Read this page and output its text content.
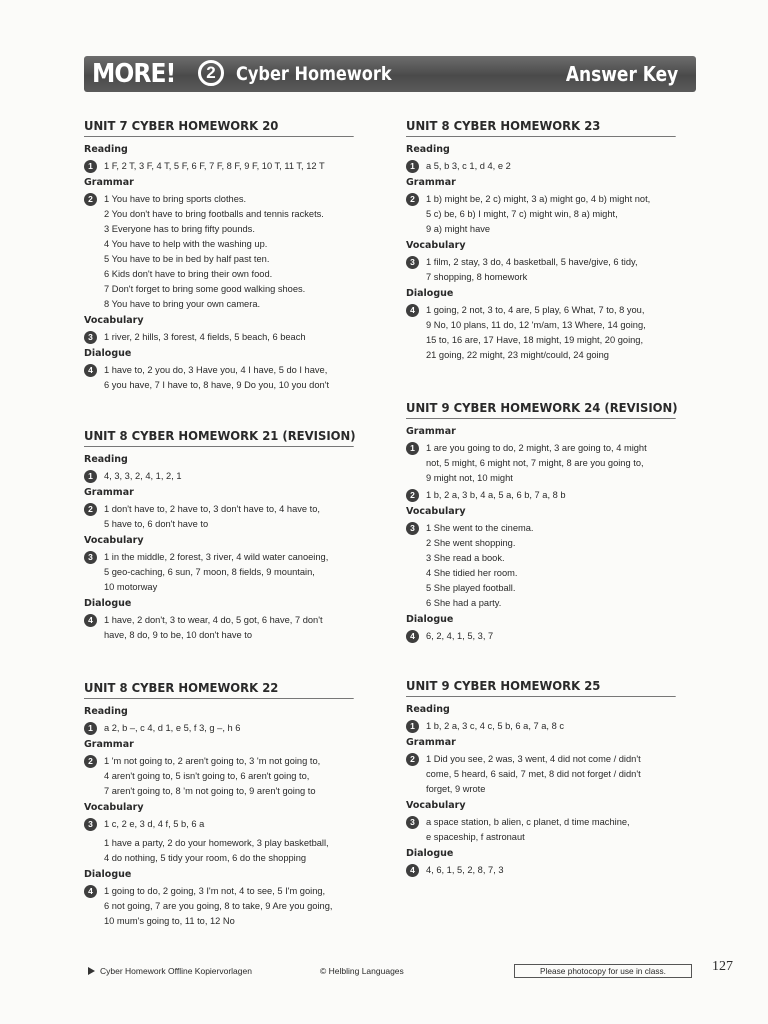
MORE!	2	Cyber Homework	Answer Key
UNIT 7 CYBER HOMEWORK 20
Reading
1	1 F, 2 T, 3 F, 4 T, 5 F, 6 F, 7 F, 8 F, 9 F, 10 T, 11 T, 12 T
Grammar
2	1 You have to bring sports clothes.
2 You don't have to bring footballs and tennis rackets.
3 Everyone has to bring fifty pounds.
4 You have to help with the washing up.
5 You have to be in bed by half past ten.
6 Kids don't have to bring their own food.
7 Don't forget to bring some good walking shoes.
8 You have to bring your own camera.
Vocabulary
3	1 river, 2 hills, 3 forest, 4 fields, 5 beach, 6 beach
Dialogue
4	1 have to, 2 you do, 3 Have you, 4 I have, 5 do I have,
6 you have, 7 I have to, 8 have, 9 Do you, 10 you don't
UNIT 8 CYBER HOMEWORK 21 (REVISION)
Reading
1	4, 3, 3, 2, 4, 1, 2, 1
Grammar
2	1 don't have to, 2 have to, 3 don't have to, 4 have to,
5 have to, 6 don't have to
Vocabulary
3	1 in the middle, 2 forest, 3 river, 4 wild water canoeing,
5 geo-caching, 6 sun, 7 moon, 8 fields, 9 mountain,
10 motorway
Dialogue
4	1 have, 2 don't, 3 to wear, 4 do, 5 got, 6 have, 7 don't
have, 8 do, 9 to be, 10 don't have to
UNIT 8 CYBER HOMEWORK 22
Reading
1	a 2, b –, c 4, d 1, e 5, f 3, g –, h 6
Grammar
2	1 'm not going to, 2 aren't going to, 3 'm not going to,
4 aren't going to, 5 isn't going to, 6 aren't going to,
7 aren't going to, 8 'm not going to, 9 aren't going to
Vocabulary
3	1 c, 2 e, 3 d, 4 f, 5 b, 6 a
1 have a party, 2 do your homework, 3 play basketball,
4 do nothing, 5 tidy your room, 6 do the shopping
Dialogue
4	1 going to do, 2 going, 3 I'm not, 4 to see, 5 I'm going,
6 not going, 7 are you going, 8 to take, 9 Are you going,
10 mum's going to, 11 to, 12 No
UNIT 8 CYBER HOMEWORK 23
Reading
1	a 5, b 3, c 1, d 4, e 2
Grammar
2	1 b) might be, 2 c) might, 3 a) might go, 4 b) might not,
5 c) be, 6 b) I might, 7 c) might win, 8 a) might,
9 a) might have
Vocabulary
3	1 film, 2 stay, 3 do, 4 basketball, 5 have/give, 6 tidy,
7 shopping, 8 homework
Dialogue
4	1 going, 2 not, 3 to, 4 are, 5 play, 6 What, 7 to, 8 you,
9 No, 10 plans, 11 do, 12 'm/am, 13 Where, 14 going,
15 to, 16 are, 17 Have, 18 might, 19 might, 20 going,
21 going, 22 might, 23 might/could, 24 going
UNIT 9 CYBER HOMEWORK 24 (REVISION)
Grammar
1	1 are you going to do, 2 might, 3 are going to, 4 might
not, 5 might, 6 might not, 7 might, 8 are you going to,
9 might not, 10 might
2	1 b, 2 a, 3 b, 4 a, 5 a, 6 b, 7 a, 8 b
Vocabulary
3	1 She went to the cinema.
2 She went shopping.
3 She read a book.
4 She tidied her room.
5 She played football.
6 She had a party.
Dialogue
4	6, 2, 4, 1, 5, 3, 7
UNIT 9 CYBER HOMEWORK 25
Reading
1	1 b, 2 a, 3 c, 4 c, 5 b, 6 a, 7 a, 8 c
Grammar
2	1 Did you see, 2 was, 3 went, 4 did not come / didn't
come, 5 heard, 6 said, 7 met, 8 did not forget / didn't
forget, 9 wrote
Vocabulary
3	a space station, b alien, c planet, d time machine,
e spaceship, f astronaut
Dialogue
4	4, 6, 1, 5, 2, 8, 7, 3
Cyber Homework Offline Kopiervorlagen	© Helbling Languages	Please photocopy for use in class.	127
